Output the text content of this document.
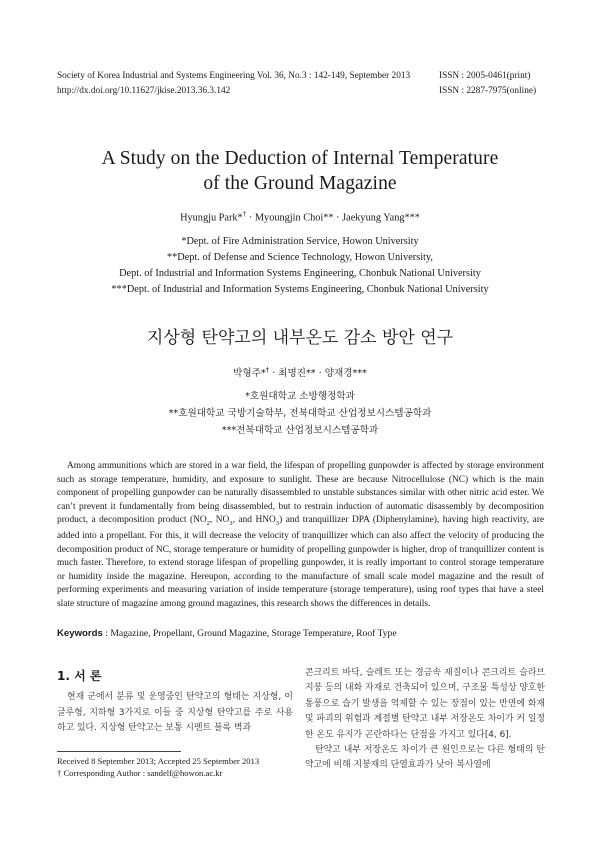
Society of Korea Industrial and Systems Engineering Vol. 36, No.3 : 142-149, September 2013
http://dx.doi.org/10.11627/jkise.2013.36.3.142
ISSN : 2005-0461(print)
ISSN : 2287-7975(online)
A Study on the Deduction of Internal Temperature
of the Ground Magazine
Hyungju Park*† · Myoungjin Choi** · Jaekyung Yang***
*Dept. of Fire Administration Service, Howon University
**Dept. of Defense and Science Technology, Howon University,
Dept. of Industrial and Information Systems Engineering, Chonbuk National University
***Dept. of Industrial and Information Systems Engineering, Chonbuk National University
지상형 탄약고의 내부온도 감소 방안 연구
박형주*† · 최명진** · 양재경***
*호원대학교 소방행정학과
**호원대학교 국방기술학부, 전북대학교 산업정보시스템공학과
***전북대학교 산업정보시스템공학과

Among ammunitions which are stored in a war field, the lifespan of propelling gunpowder is affected by storage environment such as storage temperature, humidity, and exposure to sunlight. These are because Nitrocellulose (NC) which is the main component of propelling gunpowder can be naturally disassembled to unstable substances similar with other nitric acid ester. We can’t prevent it fundamentally from being disassembled, but to restrain induction of automatic disassembly by decomposition product, a decomposition product ($NO_2$, $NO_3$, and $HNO_3$) and tranquillizer DPA (Diphenylamine), having high reactivity, are added into a propellant. For this, it will decrease the velocity of tranquillizer which can also affect the velocity of producing the decomposition product of NC, storage temperature or humidity of propelling gunpowder is higher, drop of tranquillizer content is much faster. Therefore, to extend storage lifespan of propelling gunpowder, it is really important to control storage temperature or humidity inside the magazine. Hereupon, according to the manufacture of small scale model magazine and the result of performing experiments and measuring variation of inside temperature (storage temperature), using roof types that have a steel slate structure of magazine among ground magazines, this research shows the differences in details.

Keywords : Magazine, Propellant, Ground Magazine, Storage Temperature, Roof Type
1. 서 론

현재 군에서 분류 및 운영중인 탄약고의 형태는 지상형, 이글루형, 지하형 3가지로 이들 중 지상형 탄약고를 주로 사용하고 있다. 지상형 탄약고는 보통 시멘트 블록 벽과

콘크리트 바닥, 슬레트 또는 경금속 재질이나 콘크리트 슬라브 지붕 등의 내화 자재로 건축되어 있으며, 구조물 특성상 양호한 통풍으로 습기 발생을 억제할 수 있는 장점이 있는 반면에 화재 및 파괴의 위험과 계절별 탄약고 내부 저장온도 차이가 커 일정한 온도 유지가 곤란하다는 단점을 가지고 있다[4, 6].

탄약고 내부 저장온도 차이가 큰 원인으로는 다른 형태의 탄약고에 비해 지붕재의 단열효과가 낮아 복사열에

Received 8 September 2013; Accepted 25 September 2013
† Corresponding Author : sandelf@howon.ac.kr
